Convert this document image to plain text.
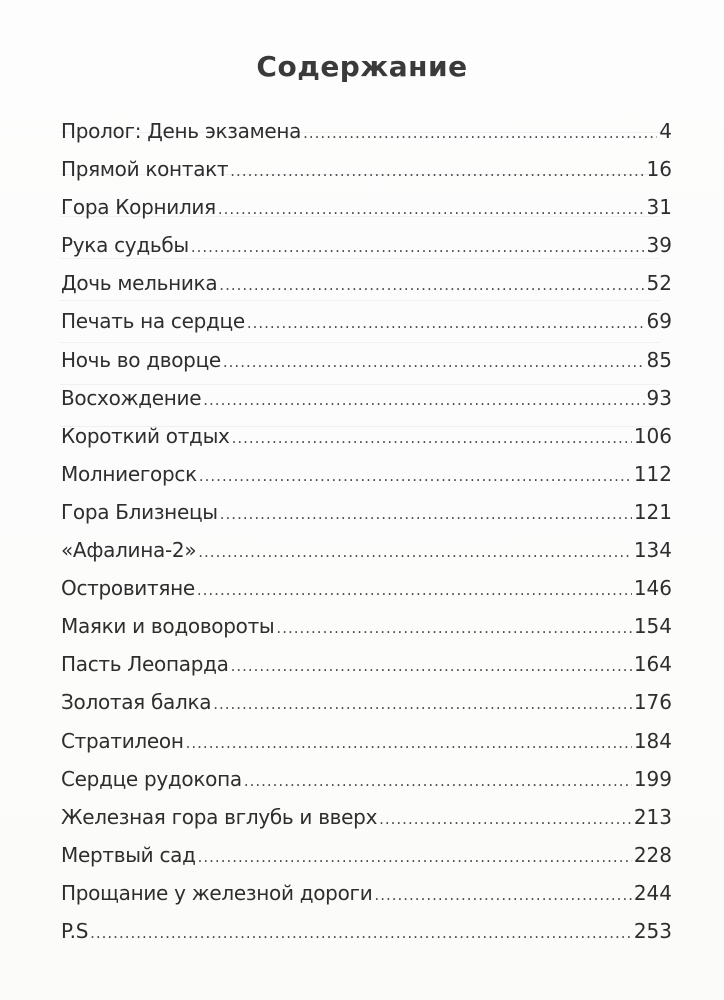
Содержание
Пролог: День экзамена .....	4
Прямой контакт .....	16
Гора Корнилия .....	31
Рука судьбы .....	39
Дочь мельника .....	52
Печать на сердце .....	69
Ночь во дворце .....	85
Восхождение .....	93
Короткий отдых .....	106
Молниегорск .....	112
Гора Близнецы .....	121
«Афалина-2» .....	134
Островитяне .....	146
Маяки и водовороты .....	154
Пасть Леопарда .....	164
Золотая балка .....	176
Стратилеон .....	184
Сердце рудокопа .....	199
Железная гора вглубь и вверх .....	213
Мертвый сад .....	228
Прощание у железной дороги .....	244
P.S .....	253
